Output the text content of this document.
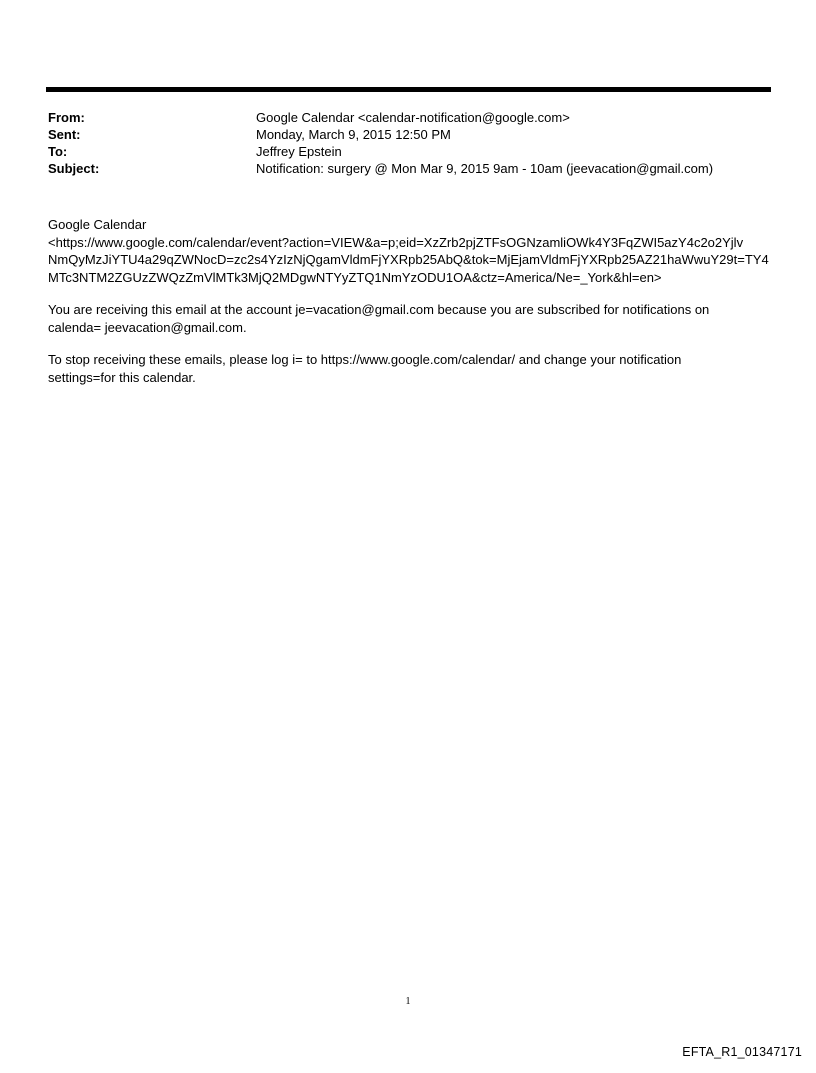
From:	Google Calendar <calendar-notification@google.com>
Sent:	Monday, March 9, 2015 12:50 PM
To:	Jeffrey Epstein
Subject:	Notification: surgery @ Mon Mar 9, 2015 9am - 10am (jeevacation@gmail.com)
Google Calendar
<https://www.google.com/calendar/event?action=VIEW&a=p;eid=XzZrb2pjZTFsOGNzamliOWk4Y3FqZWI5azY4c2o2Yjlv
NmQyMzJiYTU4a29qZWNocD=zc2s4YzIzNjQgamVldmFjYXRpb25AbQ&tok=MjEjamVldmFjYXRpb25AZ21haWwuY29t=TY4
MTc3NTM2ZGUzZWQzZmVlMTk3MjQ2MDgwNTYyZTQ1NmYzODU1OA&ctz=America/Ne=_York&hl=en>
You are receiving this email at the account je=vacation@gmail.com because you are subscribed for notifications on
calenda= jeevacation@gmail.com.
To stop receiving these emails, please log i= to https://www.google.com/calendar/ and change your notification
settings=for this calendar.
1
EFTA_R1_01347171
